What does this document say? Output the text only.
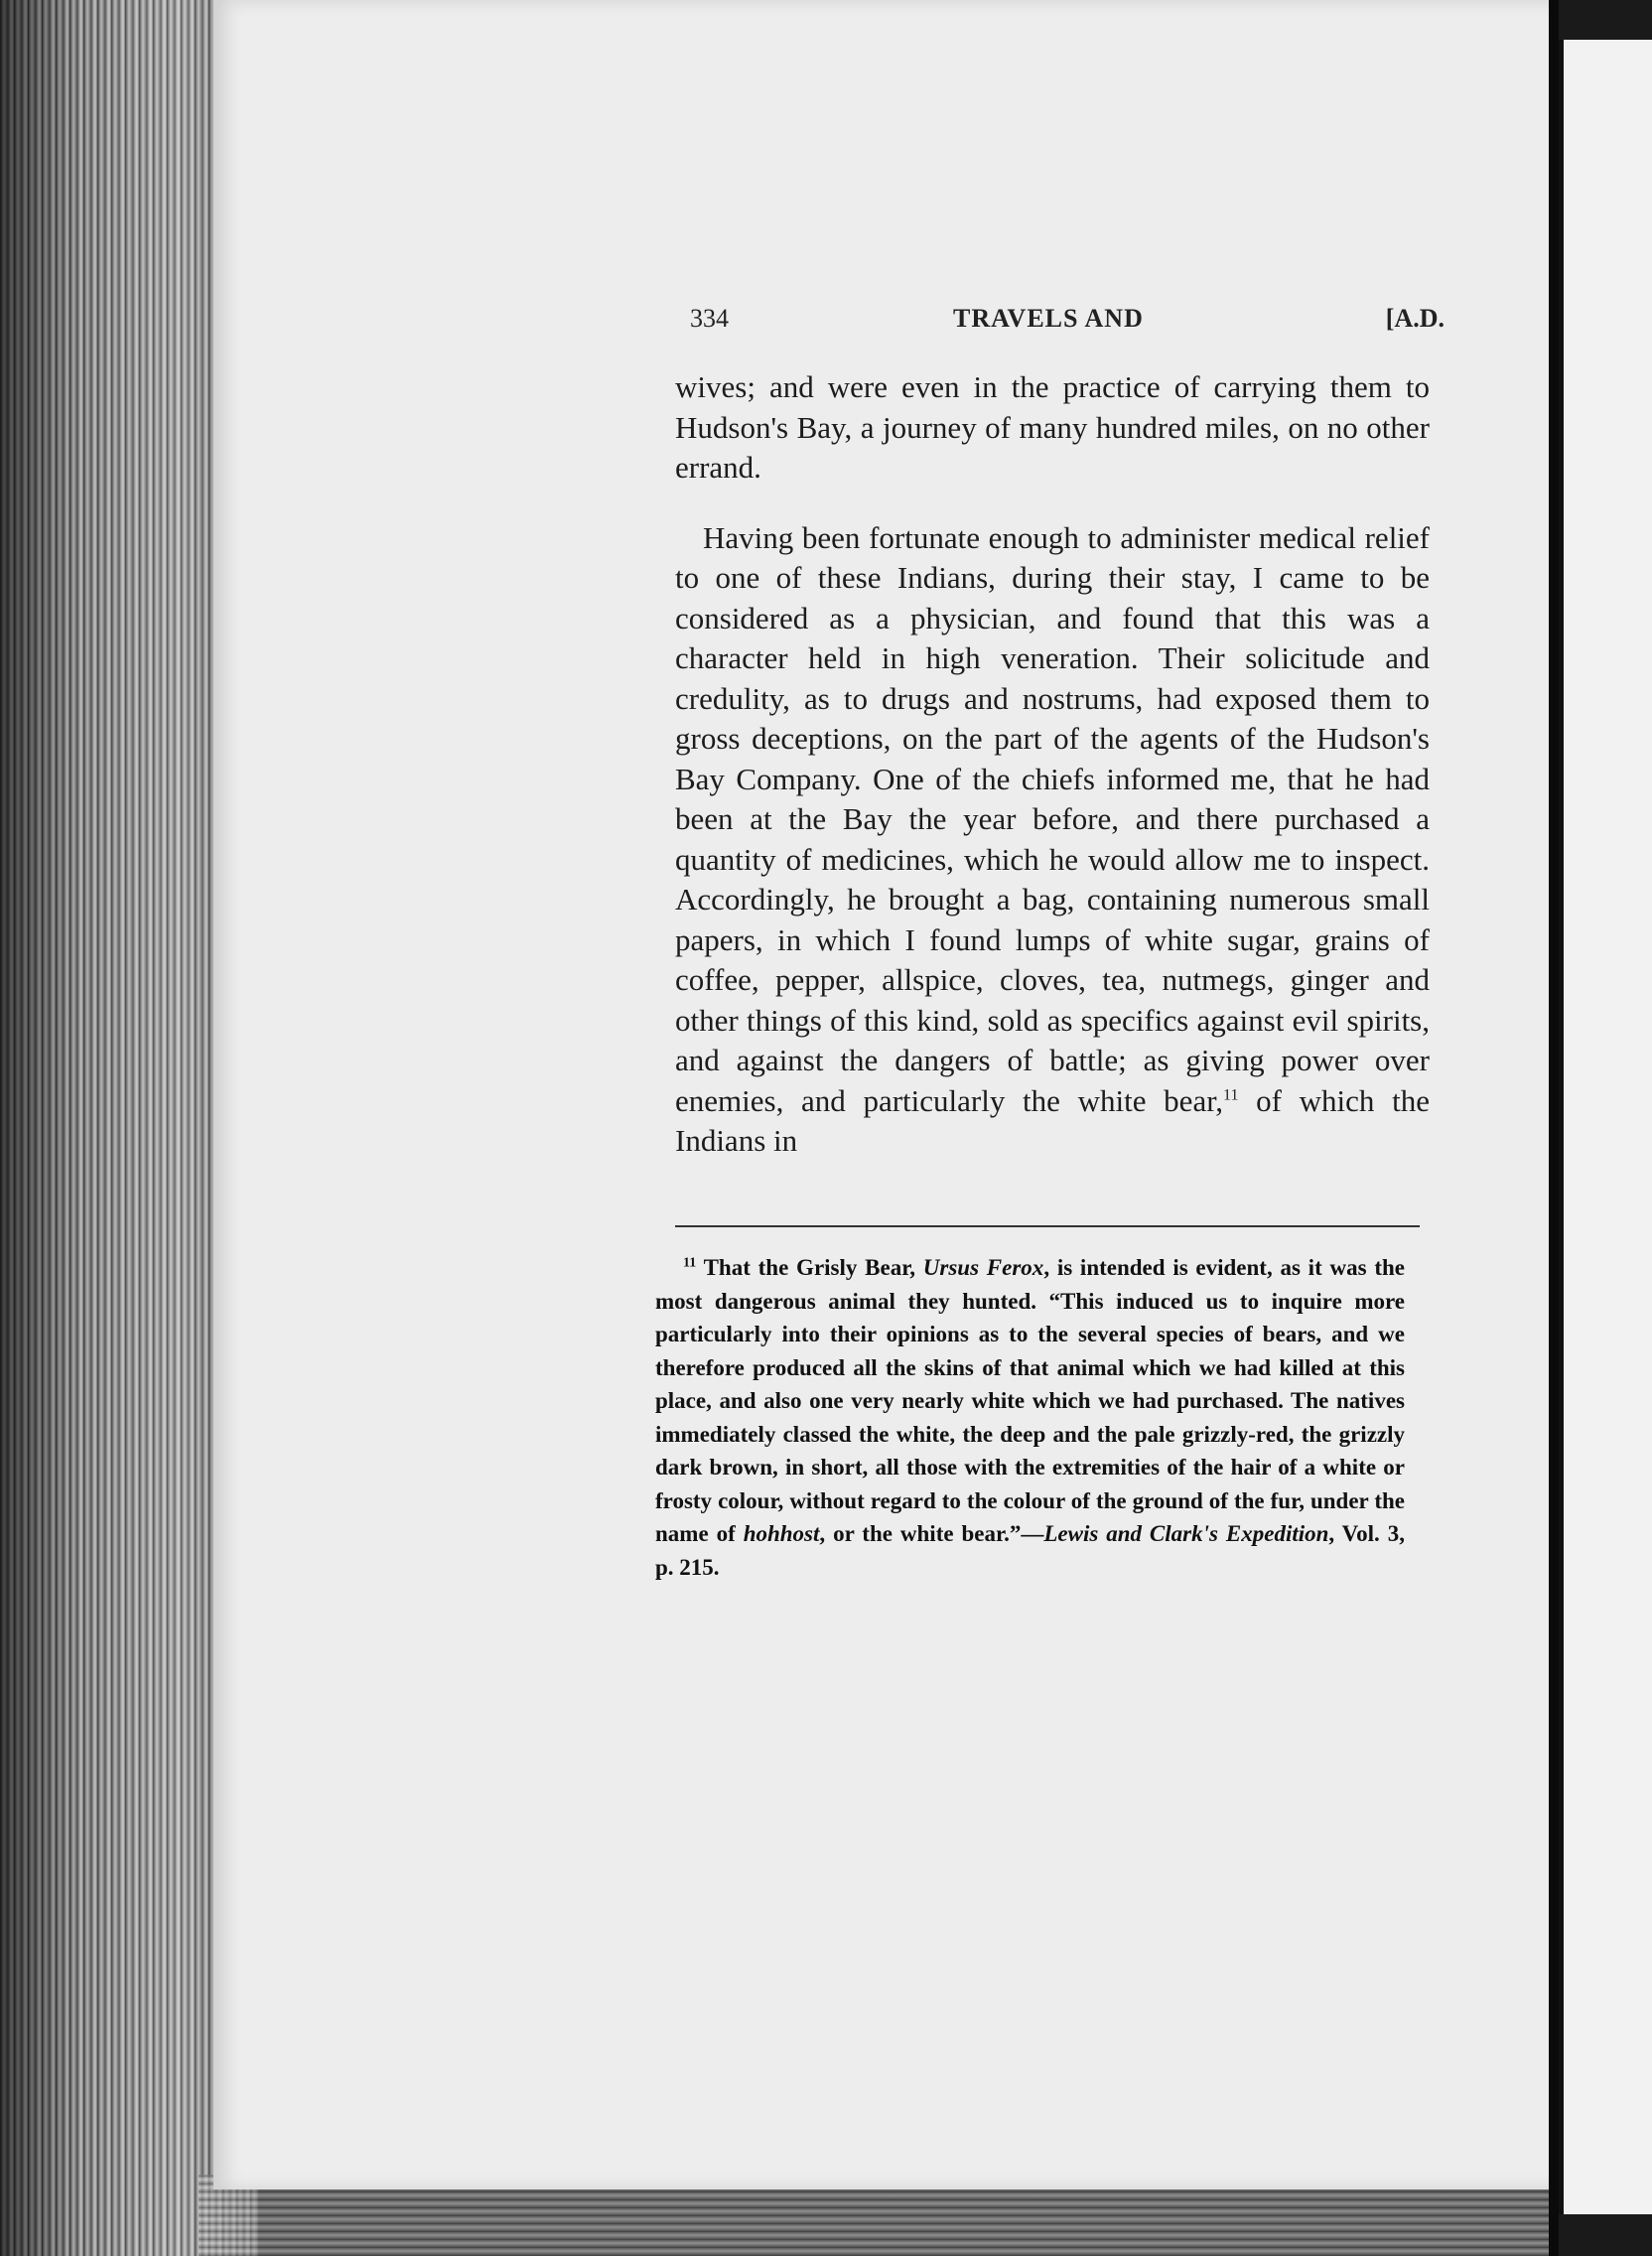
334	TRAVELS AND	[A.D.

wives; and were even in the practice of carrying them to Hudson's Bay, a journey of many hundred miles, on no other errand.

Having been fortunate enough to administer medical relief to one of these Indians, during their stay, I came to be considered as a physician, and found that this was a character held in high veneration. Their solicitude and credulity, as to drugs and nostrums, had exposed them to gross deceptions, on the part of the agents of the Hudson's Bay Company. One of the chiefs informed me, that he had been at the Bay the year before, and there purchased a quantity of medicines, which he would allow me to inspect. Accordingly, he brought a bag, containing numerous small papers, in which I found lumps of white sugar, grains of coffee, pepper, allspice, cloves, tea, nutmegs, ginger and other things of this kind, sold as specifics against evil spirits, and against the dangers of battle; as giving power over enemies, and particularly the white bear,$^{11}$ of which the Indians in

$^{11}$ That the Grisly Bear, Ursus Ferox, is intended is evident, as it was the most dangerous animal they hunted. “This induced us to inquire more particularly into their opinions as to the several species of bears, and we therefore produced all the skins of that animal which we had killed at this place, and also one very nearly white which we had purchased. The natives immediately classed the white, the deep and the pale grizzly-red, the grizzly dark brown, in short, all those with the extremities of the hair of a white or frosty colour, without regard to the colour of the ground of the fur, under the name of hohhost, or the white bear.”—Lewis and Clark's Expedition, Vol. 3, p. 215.
